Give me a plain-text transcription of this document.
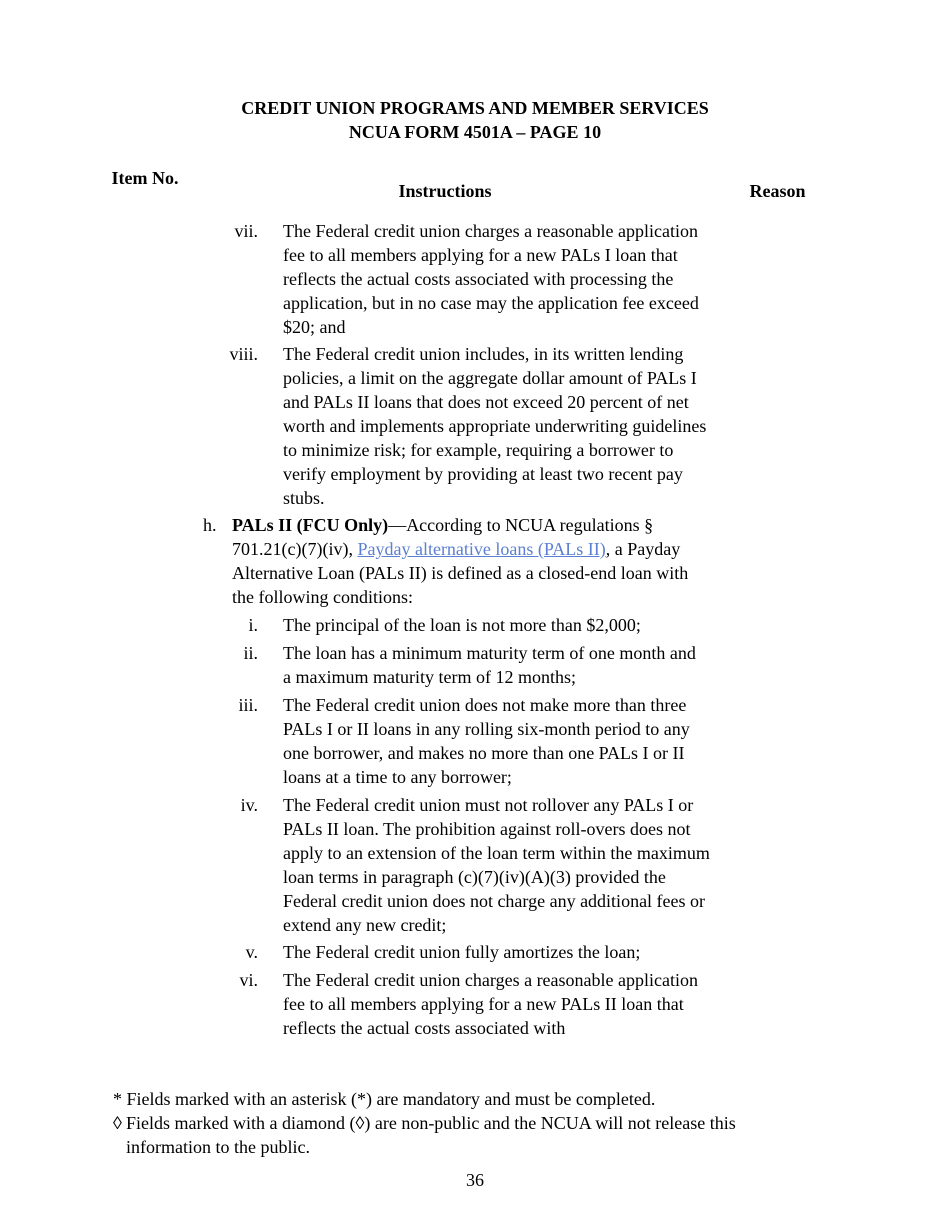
CREDIT UNION PROGRAMS AND MEMBER SERVICES
NCUA FORM 4501A – PAGE 10
Item No.
Instructions	Reason
vii. The Federal credit union charges a reasonable application fee to all members applying for a new PALs I loan that reflects the actual costs associated with processing the application, but in no case may the application fee exceed $20; and
viii. The Federal credit union includes, in its written lending policies, a limit on the aggregate dollar amount of PALs I and PALs II loans that does not exceed 20 percent of net worth and implements appropriate underwriting guidelines to minimize risk; for example, requiring a borrower to verify employment by providing at least two recent pay stubs.
h. PALs II (FCU Only)—According to NCUA regulations § 701.21(c)(7)(iv), Payday alternative loans (PALs II), a Payday Alternative Loan (PALs II) is defined as a closed-end loan with the following conditions:
i. The principal of the loan is not more than $2,000;
ii. The loan has a minimum maturity term of one month and a maximum maturity term of 12 months;
iii. The Federal credit union does not make more than three PALs I or II loans in any rolling six-month period to any one borrower, and makes no more than one PALs I or II loans at a time to any borrower;
iv. The Federal credit union must not rollover any PALs I or PALs II loan. The prohibition against roll-overs does not apply to an extension of the loan term within the maximum loan terms in paragraph (c)(7)(iv)(A)(3) provided the Federal credit union does not charge any additional fees or extend any new credit;
v. The Federal credit union fully amortizes the loan;
vi. The Federal credit union charges a reasonable application fee to all members applying for a new PALs II loan that reflects the actual costs associated with
* Fields marked with an asterisk (*) are mandatory and must be completed.
◊ Fields marked with a diamond (◊) are non-public and the NCUA will not release this information to the public.
36
